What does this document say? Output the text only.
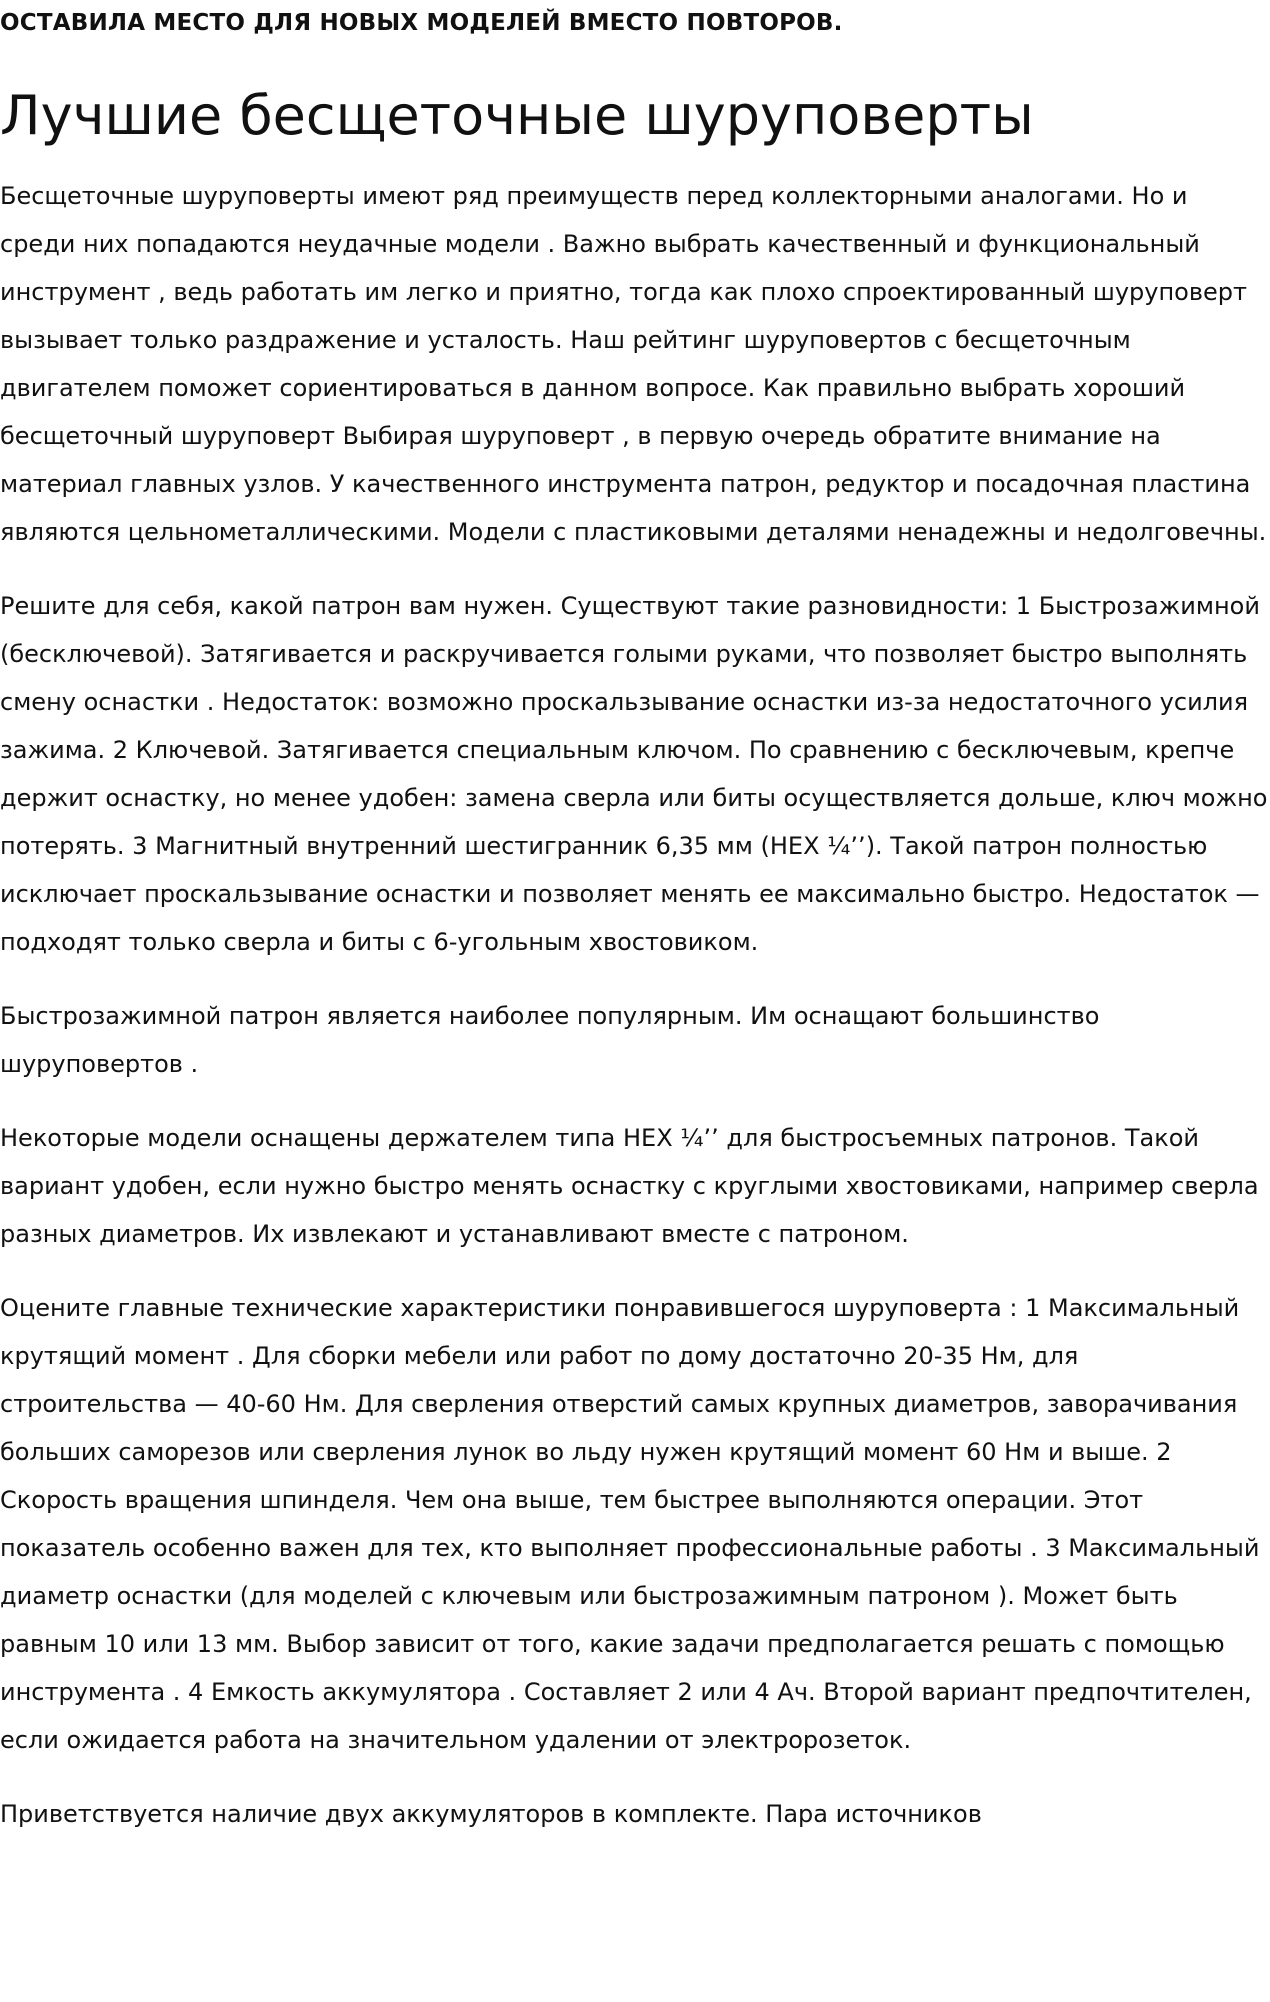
ОСТАВИЛА МЕСТО ДЛЯ НОВЫХ МОДЕЛЕЙ ВМЕСТО ПОВТОРОВ.
Лучшие бесщеточные шуруповерты

Бесщеточные шуруповерты имеют ряд преимуществ перед коллекторными аналогами. Но и среди них попадаются неудачные модели . Важно выбрать качественный и функциональный инструмент , ведь работать им легко и приятно, тогда как плохо спроектированный шуруповерт вызывает только раздражение и усталость. Наш рейтинг шуруповертов с бесщеточным двигателем поможет сориентироваться в данном вопросе. Как правильно выбрать хороший бесщеточный шуруповерт Выбирая шуруповерт , в первую очередь обратите внимание на материал главных узлов. У качественного инструмента патрон, редуктор и посадочная пластина являются цельнометаллическими. Модели с пластиковыми деталями ненадежны и недолговечны.

Решите для себя, какой патрон вам нужен. Существуют такие разновидности: 1 Быстрозажимной (бесключевой). Затягивается и раскручивается голыми руками, что позволяет быстро выполнять смену оснастки . Недостаток: возможно проскальзывание оснастки из-за недостаточного усилия зажима. 2 Ключевой. Затягивается специальным ключом. По сравнению с бесключевым, крепче держит оснастку, но менее удобен: замена сверла или биты осуществляется дольше, ключ можно потерять. 3 Магнитный внутренний шестигранник 6,35 мм (HEX ¼’’). Такой патрон полностью исключает проскальзывание оснастки и позволяет менять ее максимально быстро. Недостаток — подходят только сверла и биты с 6-угольным хвостовиком.

Быстрозажимной патрон является наиболее популярным. Им оснащают большинство шуруповертов .

Некоторые модели оснащены держателем типа HEX ¼’’ для быстросъемных патронов. Такой вариант удобен, если нужно быстро менять оснастку с круглыми хвостовиками, например сверла разных диаметров. Их извлекают и устанавливают вместе с патроном.

Оцените главные технические характеристики понравившегося шуруповерта : 1 Максимальный крутящий момент . Для сборки мебели или работ по дому достаточно 20-35 Нм, для строительства — 40-60 Нм. Для сверления отверстий самых крупных диаметров, заворачивания больших саморезов или сверления лунок во льду нужен крутящий момент 60 Нм и выше. 2 Скорость вращения шпинделя. Чем она выше, тем быстрее выполняются операции. Этот показатель особенно важен для тех, кто выполняет профессиональные работы . 3 Максимальный диаметр оснастки (для моделей с ключевым или быстрозажимным патроном ). Может быть равным 10 или 13 мм. Выбор зависит от того, какие задачи предполагается решать с помощью инструмента . 4 Емкость аккумулятора . Составляет 2 или 4 Ач. Второй вариант предпочтителен, если ожидается работа на значительном удалении от электророзеток.

Приветствуется наличие двух аккумуляторов в комплекте. Пара источников
